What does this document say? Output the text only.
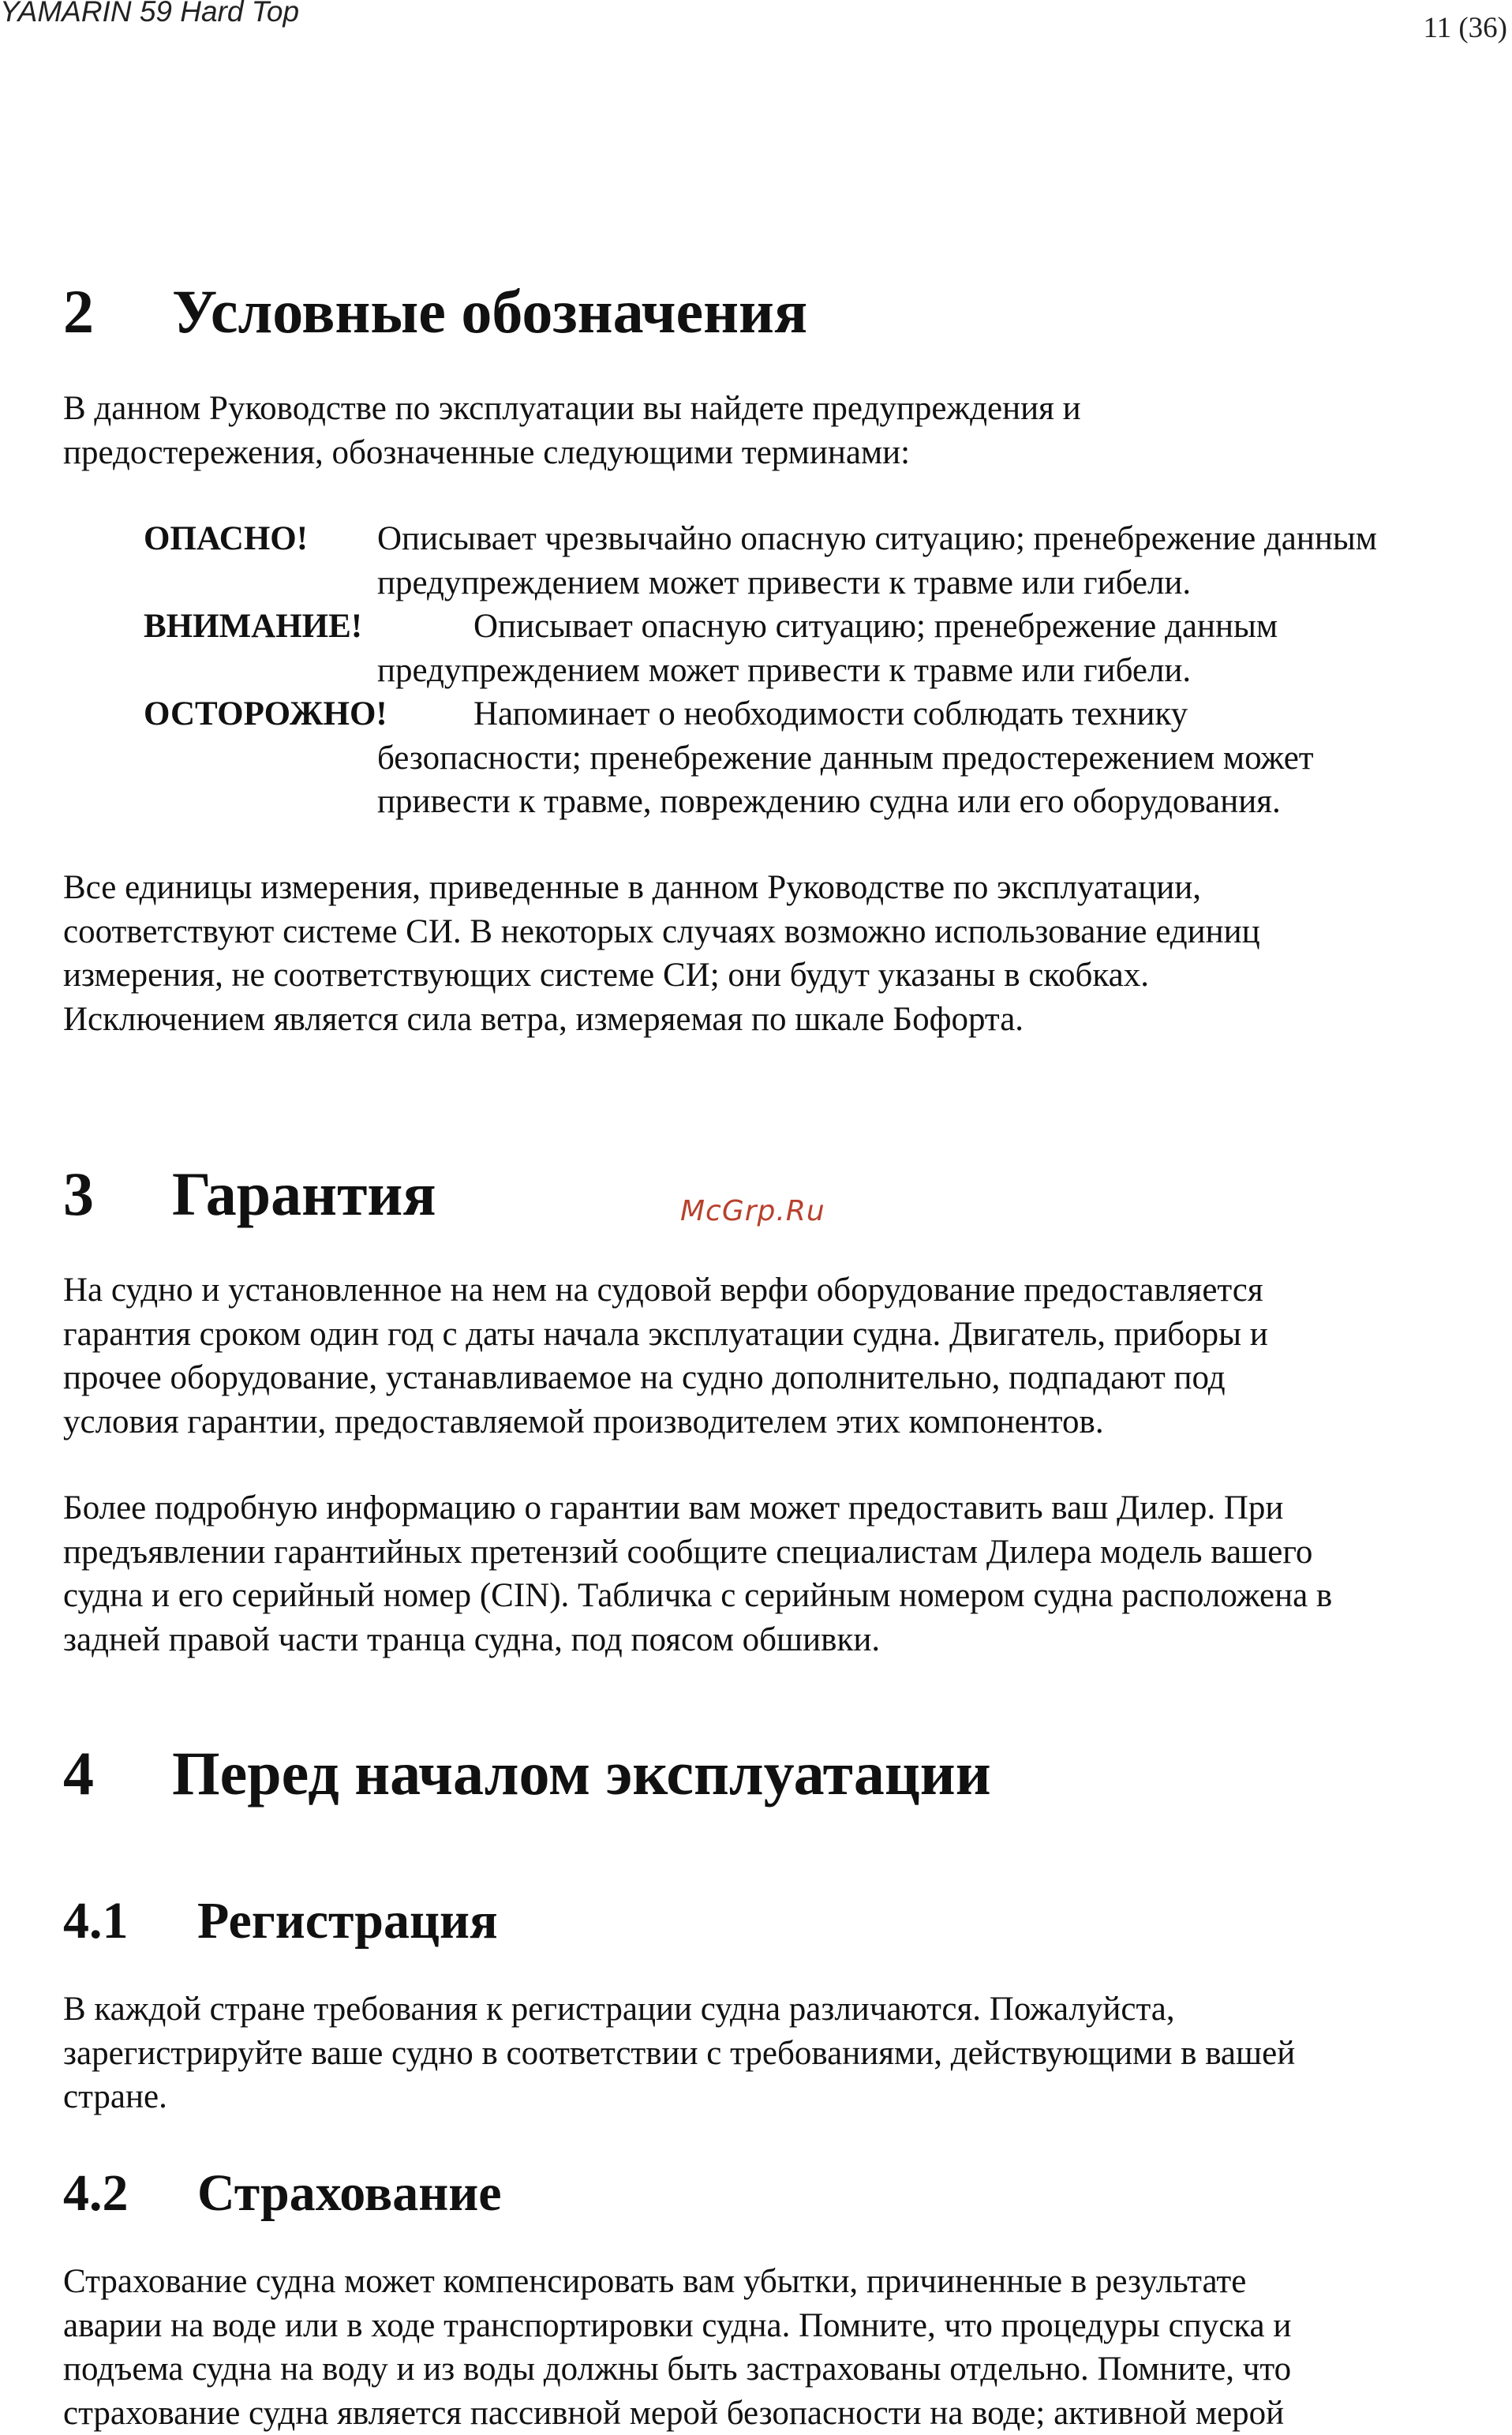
YAMARIN 59 Hard Top
11 (36)
2 Условные обозначения

В данном Руководстве по эксплуатации вы найдете предупреждения и
предостережения, обозначенные следующими терминами:

ОПАСНО! Описывает чрезвычайно опасную ситуацию; пренебрежение данным
предупреждением может привести к травме или гибели.
ВНИМАНИЕ!	Описывает опасную ситуацию; пренебрежение данным
предупреждением может привести к травме или гибели.
ОСТОРОЖНО!	Напоминает о необходимости соблюдать технику
безопасности; пренебрежение данным предостережением может
привести к травме, повреждению судна или его оборудования.

Все единицы измерения, приведенные в данном Руководстве по эксплуатации,
соответствуют системе СИ. В некоторых случаях возможно использование единиц
измерения, не соответствующих системе СИ; они будут указаны в скобках.
Исключением является сила ветра, измеряемая по шкале Бофорта.

3 Гарантия	McGrp.Ru

На судно и установленное на нем на судовой верфи оборудование предоставляется
гарантия сроком один год с даты начала эксплуатации судна. Двигатель, приборы и
прочее оборудование, устанавливаемое на судно дополнительно, подпадают под
условия гарантии, предоставляемой производителем этих компонентов.

Более подробную информацию о гарантии вам может предоставить ваш Дилер. При
предъявлении гарантийных претензий сообщите специалистам Дилера модель вашего
судна и его серийный номер (CIN). Табличка с серийным номером судна расположена в
задней правой части транца судна, под поясом обшивки.

4 Перед началом эксплуатации
4.1 Регистрация

В каждой стране требования к регистрации судна различаются. Пожалуйста,
зарегистрируйте ваше судно в соответствии с требованиями, действующими в вашей
стране.

4.2 Страхование

Страхование судна может компенсировать вам убытки, причиненные в результате
аварии на воде или в ходе транспортировки судна. Помните, что процедуры спуска и
подъема судна на воду и из воды должны быть застрахованы отдельно. Помните, что
страхование судна является пассивной мерой безопасности на воде; активной мерой
